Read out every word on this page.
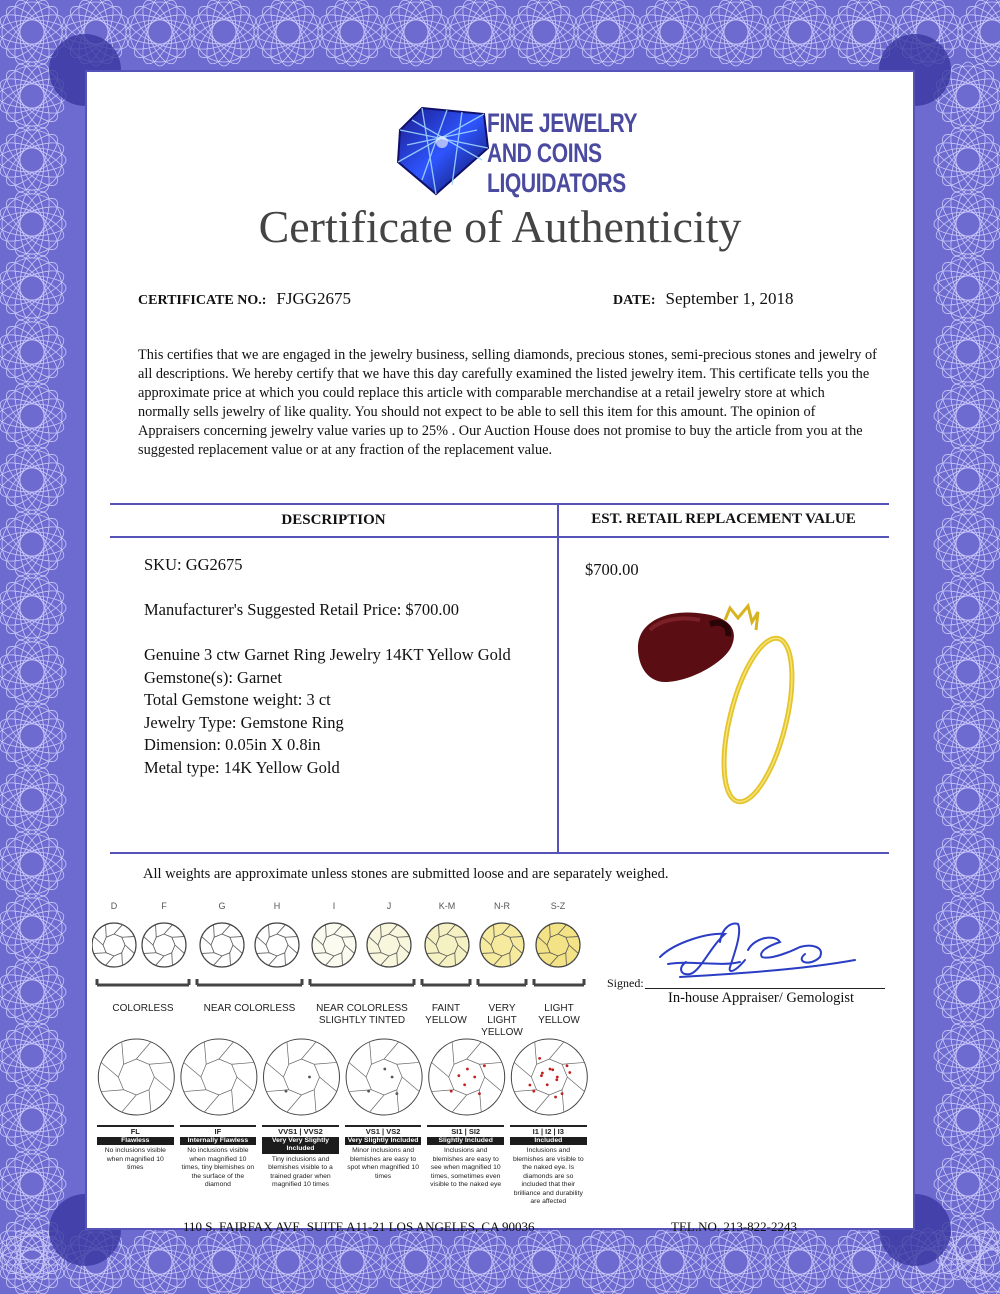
FINE JEWELRY
AND COINS
LIQUIDATORS
Certificate of Authenticity
CERTIFICATE NO.: FJGG2675	DATE: September 1, 2018
This certifies that we are engaged in the jewelry business, selling diamonds, precious stones, semi-precious stones and jewelry of all descriptions. We hereby certify that we have this day carefully examined the listed jewelry item. This certificate tells you the approximate price at which you could replace this article with comparable merchandise at a retail jewelry store at which normally sells jewelry of like quality. You should not expect to be able to sell this item for this amount. The opinion of Appraisers concerning jewelry value varies up to 25% . Our Auction House does not promise to buy the article from you at the suggested replacement value or at any fraction of the replacement value.
DESCRIPTION	EST. RETAIL REPLACEMENT VALUE
SKU: GG2675
Manufacturer's Suggested Retail Price: $700.00
Genuine 3 ctw Garnet Ring Jewelry 14KT Yellow Gold
Gemstone(s): Garnet
Total Gemstone weight: 3 ct
Jewelry Type: Gemstone Ring
Dimension: 0.05in X 0.8in
Metal type: 14K Yellow Gold
$700.00
All weights are approximate unless stones are submitted loose and are separately weighed.
D	F	G	H	I	J	K-M	N-R	S-Z
COLORLESS	NEAR COLORLESS	NEAR COLORLESS SLIGHTLY TINTED
FAINT YELLOW
VERY LIGHT YELLOW
LIGHT YELLOW
FL
Flawless
No inclusions visible when magnified 10 times
IF
Internally Flawless
No inclusions visible when magnified 10 times, tiny blemishes on the surface of the diamond
VVS1 | VVS2
Very Very Slightly Included
Tiny inclusions and blemishes visible to a trained grader when magnified 10 times
VS1 | VS2
Very Slightly Included
Minor inclusions and blemishes are easy to spot when magnified 10 times
SI1 | SI2
Slightly Included
Inclusions and blemishes are easy to see when magnified 10 times, sometimes even visible to the naked eye
I1 | I2 | I3
Included
Inclusions and blemishes are visible to the naked eye. Is diamonds are so included that their brilliance and durability are affected
Signed:
In-house Appraiser/ Gemologist
110 S. FAIRFAX AVE. SUITE A11-21 LOS ANGELES, CA 90036	TEL.NO. 213-822-2243
